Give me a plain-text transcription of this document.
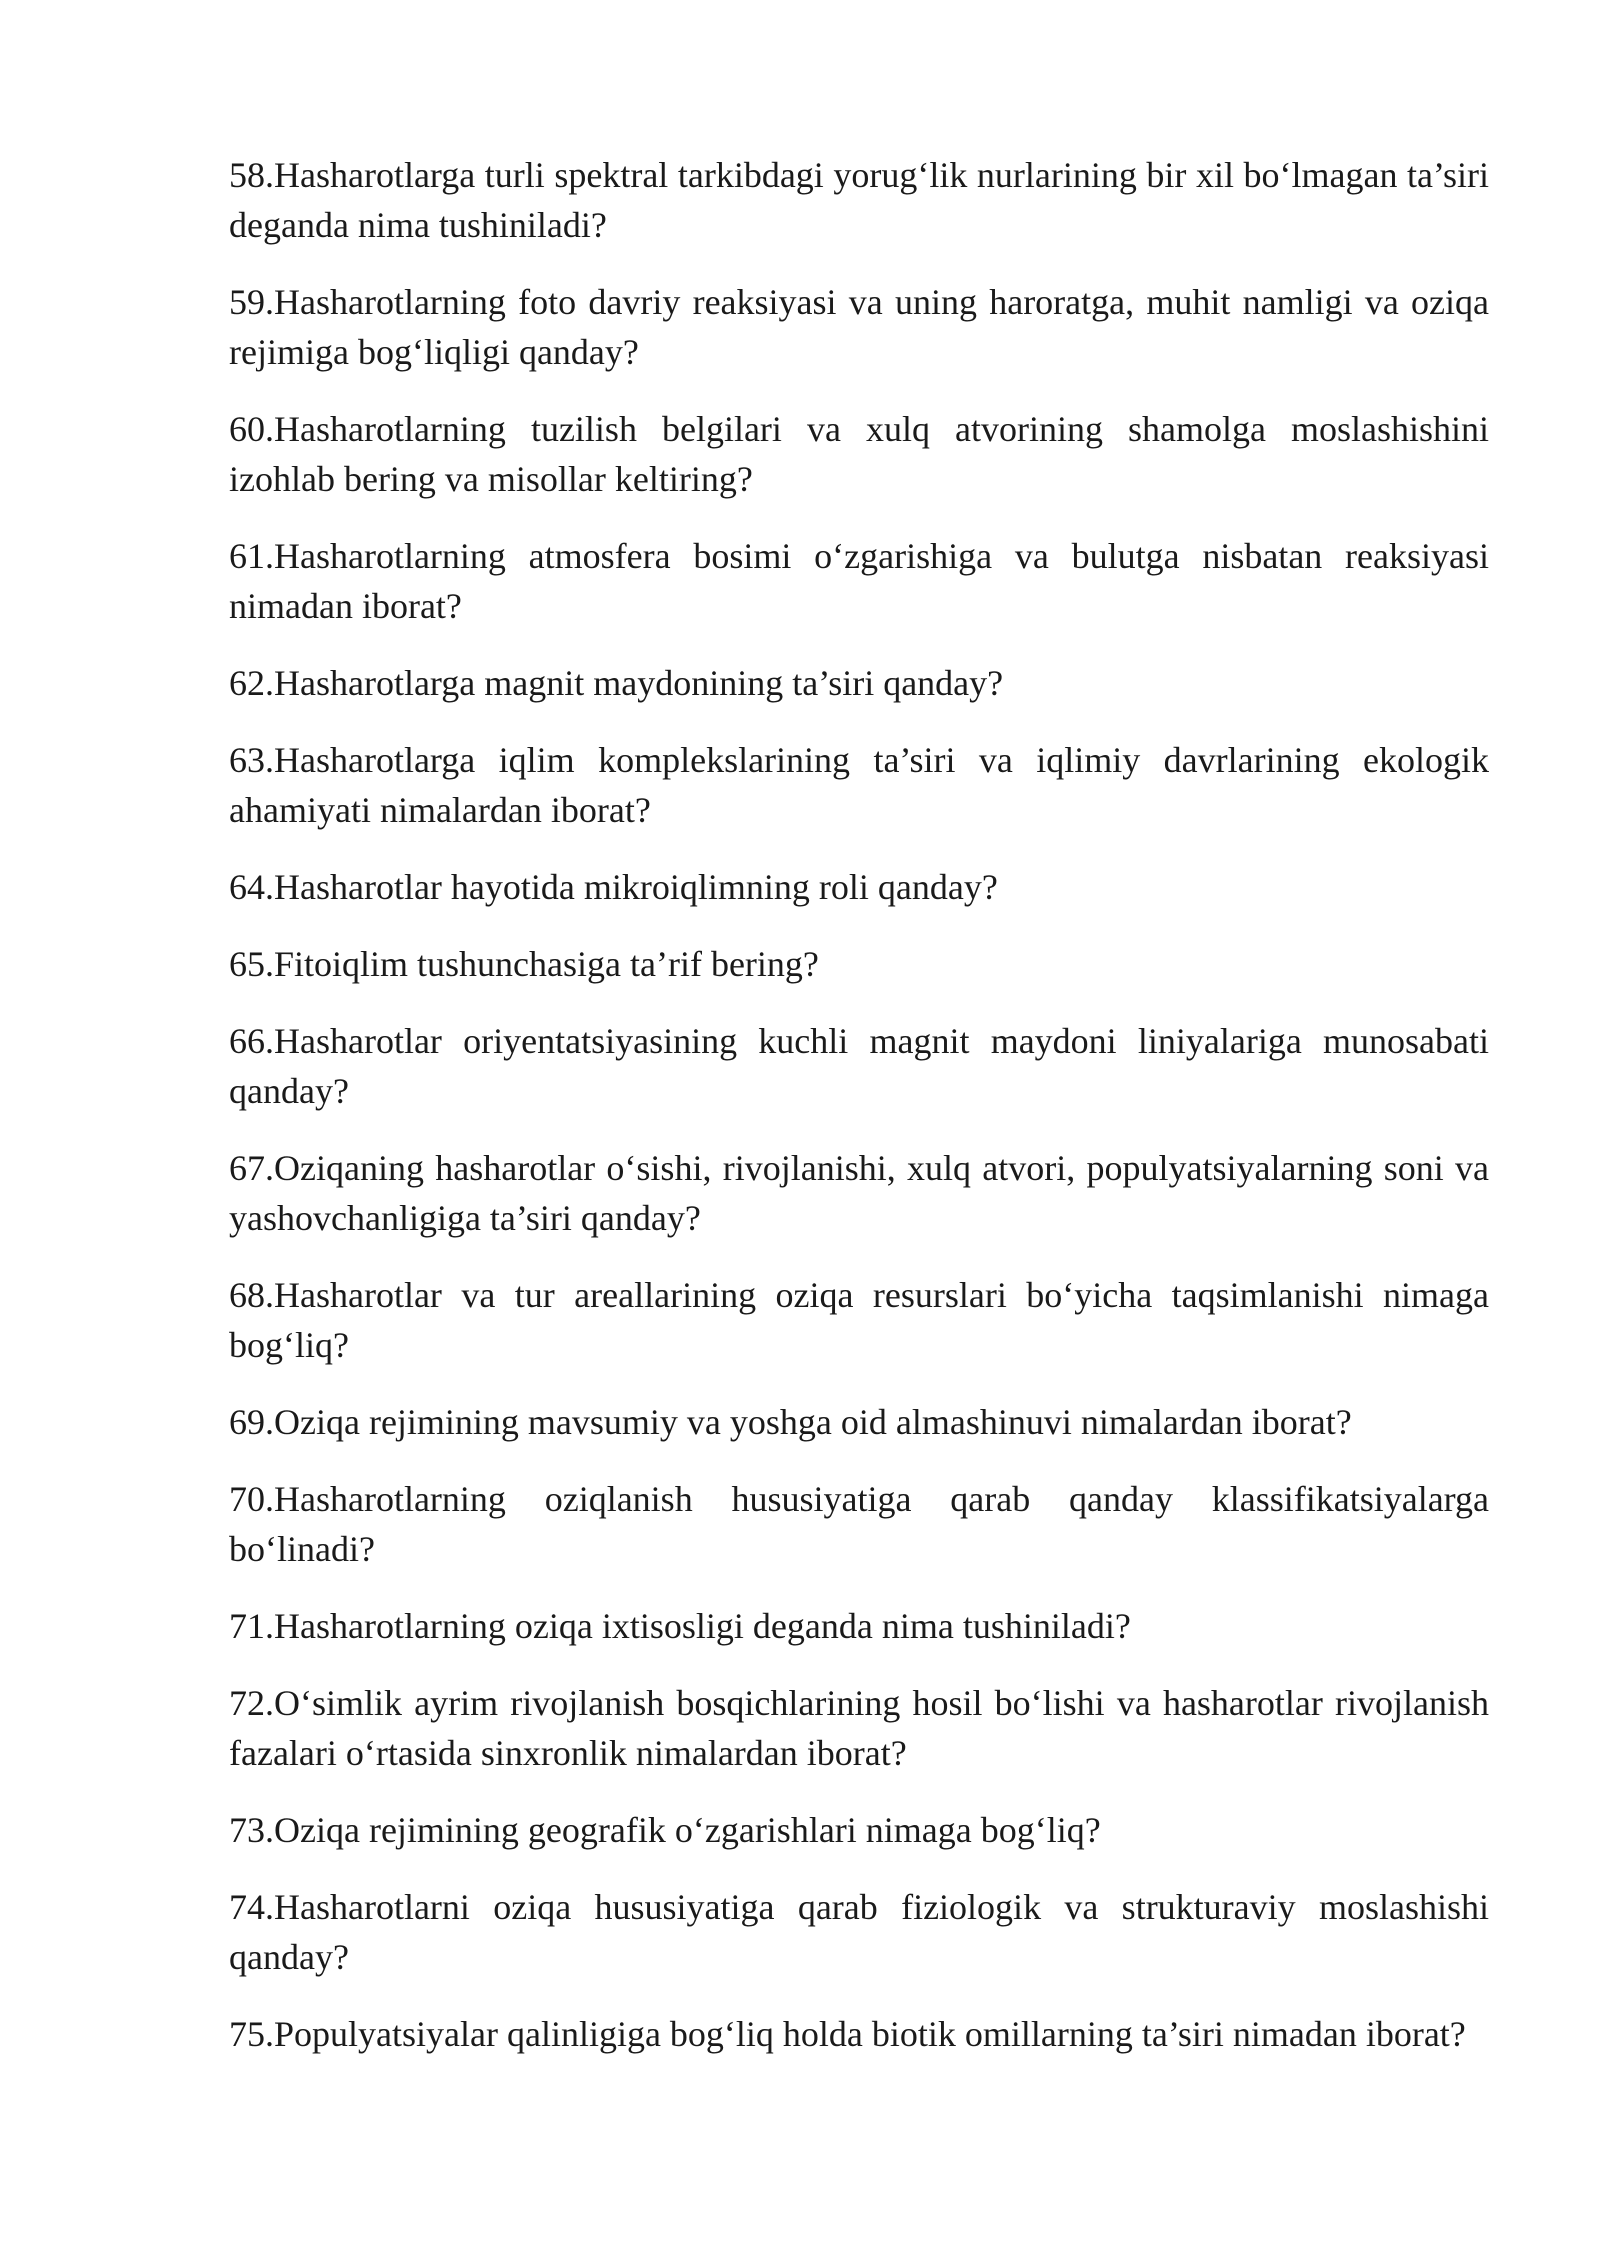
58.Hasharotlarga turli spektral tarkibdagi yorug‘lik nurlarining bir xil bo‘lmagan ta’siri deganda nima tushiniladi?

59.Hasharotlarning foto davriy reaksiyasi va uning haroratga, muhit namligi va oziqa rejimiga bog‘liqligi qanday?

60.Hasharotlarning tuzilish belgilari va xulq atvorining shamolga moslashishini izohlab bering va misollar keltiring?

61.Hasharotlarning atmosfera bosimi o‘zgarishiga va bulutga nisbatan reaksiyasi nimadan iborat?

62.Hasharotlarga magnit maydonining ta’siri qanday?

63.Hasharotlarga iqlim komplekslarining ta’siri va iqlimiy davrlarining ekologik ahamiyati nimalardan iborat?

64.Hasharotlar hayotida mikroiqlimning roli qanday?

65.Fitoiqlim tushunchasiga ta’rif bering?

66.Hasharotlar oriyentatsiyasining kuchli magnit maydoni liniyalariga munosabati qanday?

67.Oziqaning hasharotlar o‘sishi, rivojlanishi, xulq atvori, populyatsiyalarning soni va yashovchanligiga ta’siri qanday?

68.Hasharotlar va tur areallarining oziqa resurslari bo‘yicha taqsimlanishi nimaga bog‘liq?

69.Oziqa rejimining mavsumiy va yoshga oid almashinuvi nimalardan iborat?

70.Hasharotlarning oziqlanish hususiyatiga qarab qanday klassifikatsiyalarga bo‘linadi?

71.Hasharotlarning oziqa ixtisosligi deganda nima tushiniladi?

72.O‘simlik ayrim rivojlanish bosqichlarining hosil bo‘lishi va hasharotlar rivojlanish fazalari o‘rtasida sinxronlik nimalardan iborat?

73.Oziqa rejimining geografik o‘zgarishlari nimaga bog‘liq?

74.Hasharotlarni oziqa hususiyatiga qarab fiziologik va strukturaviy moslashishi qanday?

75.Populyatsiyalar qalinligiga bog‘liq holda biotik omillarning ta’siri nimadan iborat?
